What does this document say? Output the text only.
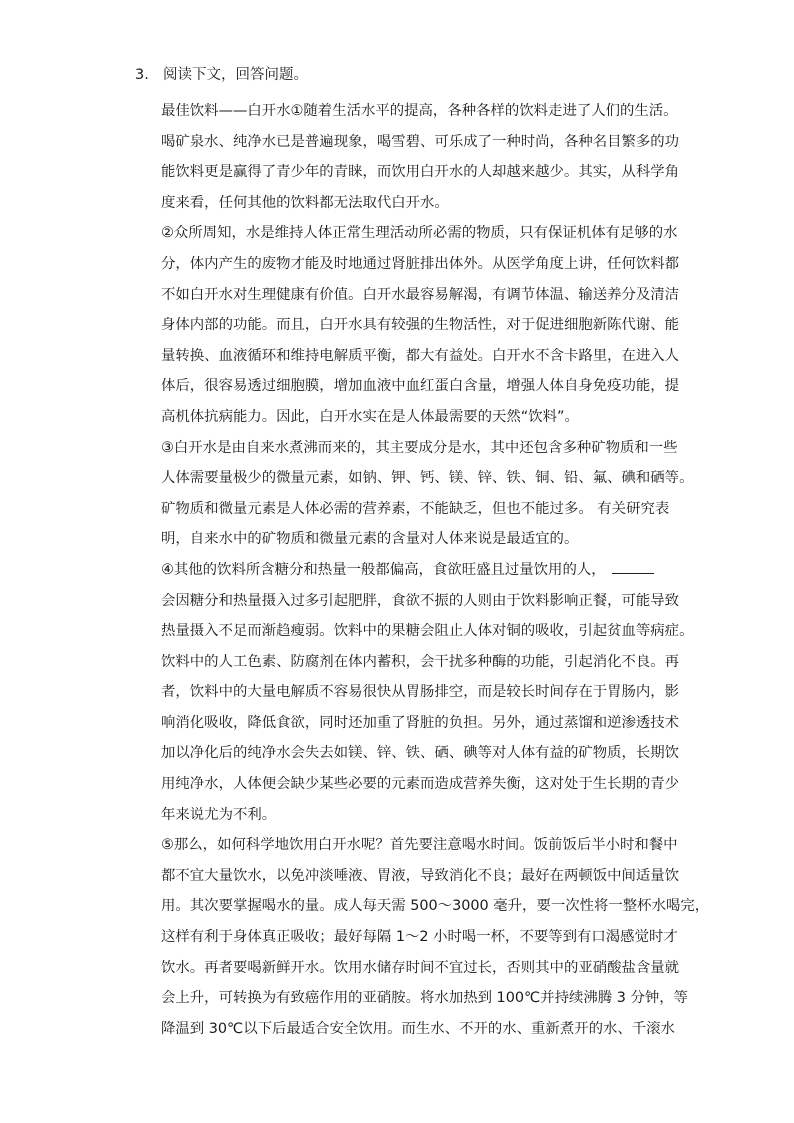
3. 阅读下文，回答问题。
最佳饮料——白开水①随着生活水平的提高，各种各样的饮料走进了人们的生活。
喝矿泉水、纯净水已是普遍现象，喝雪碧、可乐成了一种时尚，各种名目繁多的功
能饮料更是赢得了青少年的青睐，而饮用白开水的人却越来越少。其实，从科学角
度来看，任何其他的饮料都无法取代白开水。
②众所周知，水是维持人体正常生理活动所必需的物质，只有保证机体有足够的水
分，体内产生的废物才能及时地通过肾脏排出体外。从医学角度上讲，任何饮料都
不如白开水对生理健康有价值。白开水最容易解渴，有调节体温、输送养分及清洁
身体内部的功能。而且，白开水具有较强的生物活性，对于促进细胞新陈代谢、能
量转换、血液循环和维持电解质平衡，都大有益处。白开水不含卡路里，在进入人
体后，很容易透过细胞膜，增加血液中血红蛋白含量，增强人体自身免疫功能，提
高机体抗病能力。因此，白开水实在是人体最需要的天然“饮料”。
③白开水是由自来水煮沸而来的，其主要成分是水，其中还包含多种矿物质和一些
人体需要量极少的微量元素，如钠、钾、钙、镁、锌、铁、铜、铅、氟、碘和硒等。
矿物质和微量元素是人体必需的营养素，不能缺乏，但也不能过多。 有关研究表
明，自来水中的矿物质和微量元素的含量对人体来说是最适宜的。
④其他的饮料所含糖分和热量一般都偏高，食欲旺盛且过量饮用的人，
会因糖分和热量摄入过多引起肥胖，食欲不振的人则由于饮料影响正餐，可能导致
热量摄入不足而渐趋瘦弱。饮料中的果糖会阻止人体对铜的吸收，引起贫血等病症。
饮料中的人工色素、防腐剂在体内蓄积，会干扰多种酶的功能，引起消化不良。再
者，饮料中的大量电解质不容易很快从胃肠排空，而是较长时间存在于胃肠内，影
响消化吸收，降低食欲，同时还加重了肾脏的负担。另外，通过蒸馏和逆渗透技术
加以净化后的纯净水会失去如镁、锌、铁、硒、碘等对人体有益的矿物质，长期饮
用纯净水，人体便会缺少某些必要的元素而造成营养失衡，这对处于生长期的青少
年来说尤为不利。
⑤那么，如何科学地饮用白开水呢？首先要注意喝水时间。饭前饭后半小时和餐中
都不宜大量饮水，以免冲淡唾液、胃液，导致消化不良；最好在两顿饭中间适量饮
用。其次要掌握喝水的量。成人每天需 500～3000 毫升，要一次性将一整杯水喝完，
这样有利于身体真正吸收；最好每隔 1～2 小时喝一杯，不要等到有口渴感觉时才
饮水。再者要喝新鲜开水。饮用水储存时间不宜过长，否则其中的亚硝酸盐含量就
会上升，可转换为有致癌作用的亚硝胺。将水加热到 100℃并持续沸腾 3 分钟，等
降温到 30℃以下后最适合安全饮用。而生水、不开的水、重新煮开的水、千滚水
